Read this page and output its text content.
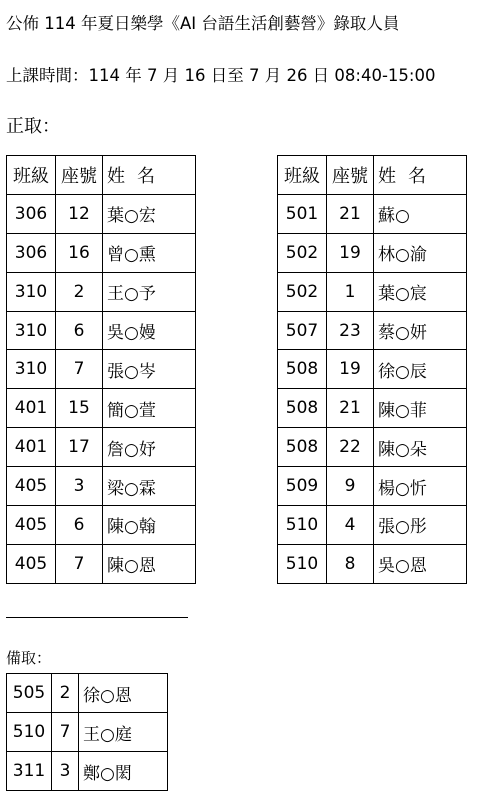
公佈 114 年夏日樂學《AI 台語生活創藝營》錄取人員
上課時間：114 年 7 月 16 日至 7 月 26 日 08:40-15:00
正取：
班級	座號	姓名
306	12	葉○宏
306	16	曾○熏
310	2	王○予
310	6	吳○嫚
310	7	張○岑
401	15	簡○萱
401	17	詹○妤
405	3	梁○霖
405	6	陳○翰
405	7	陳○恩
班級	座號	姓名
501	21	蘇○
502	19	林○渝
502	1	葉○宸
507	23	蔡○妍
508	19	徐○辰
508	21	陳○菲
508	22	陳○朵
509	9	楊○忻
510	4	張○彤
510	8	吳○恩
備取：
505	2	徐○恩
510	7	王○庭
311	3	鄭○閎
